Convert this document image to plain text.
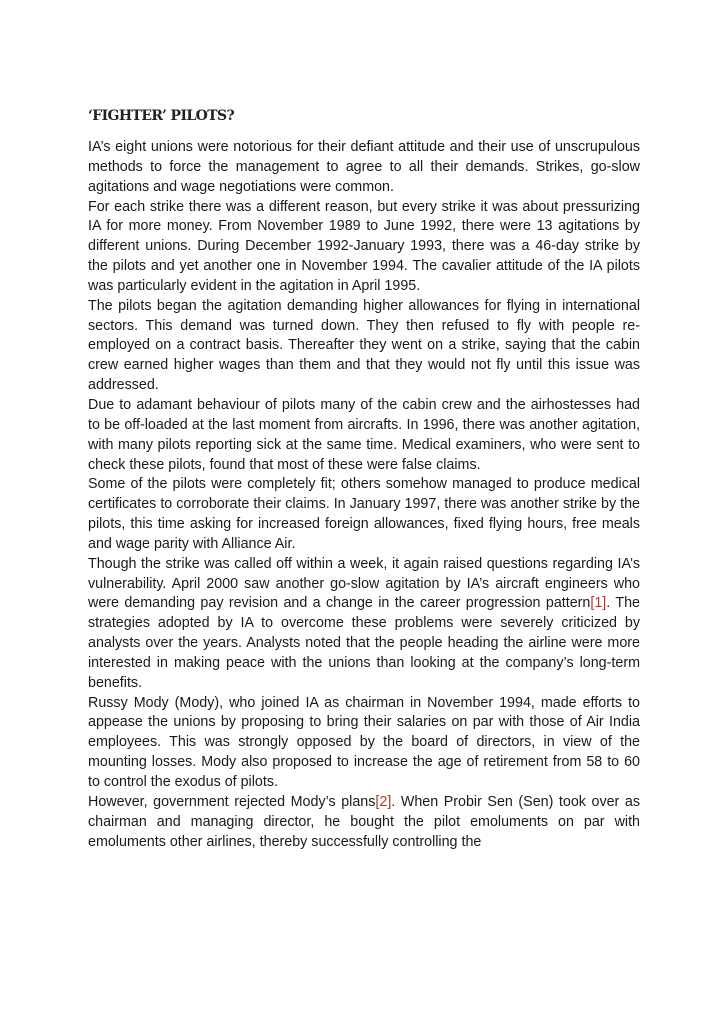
‘FIGHTER’ PILOTS?

IA’s eight unions were notorious for their defiant attitude and their use of unscrupulous methods to force the management to agree to all their demands. Strikes, go-slow agitations and wage negotiations were common.

For each strike there was a different reason, but every strike it was about pressurizing IA for more money. From November 1989 to June 1992, there were 13 agitations by different unions. During December 1992-January 1993, there was a 46-day strike by the pilots and yet another one in November 1994. The cavalier attitude of the IA pilots was particularly evident in the agitation in April 1995.

The pilots began the agitation demanding higher allowances for flying in international sectors. This demand was turned down. They then refused to fly with people re-employed on a contract basis. Thereafter they went on a strike, saying that the cabin crew earned higher wages than them and that they would not fly until this issue was addressed.

Due to adamant behaviour of pilots many of the cabin crew and the airhostesses had to be off-loaded at the last moment from aircrafts. In 1996, there was another agitation, with many pilots reporting sick at the same time. Medical examiners, who were sent to check these pilots, found that most of these were false claims.

Some of the pilots were completely fit; others somehow managed to produce medical certificates to corroborate their claims. In January 1997, there was another strike by the pilots, this time asking for increased foreign allowances, fixed flying hours, free meals and wage parity with Alliance Air.

Though the strike was called off within a week, it again raised questions regarding IA’s vulnerability. April 2000 saw another go-slow agitation by IA’s aircraft engineers who were demanding pay revision and a change in the career progression pattern[1]. The strategies adopted by IA to overcome these problems were severely criticized by analysts over the years. Analysts noted that the people heading the airline were more interested in making peace with the unions than looking at the company’s long-term benefits.

Russy Mody (Mody), who joined IA as chairman in November 1994, made efforts to appease the unions by proposing to bring their salaries on par with those of Air India employees. This was strongly opposed by the board of directors, in view of the mounting losses. Mody also proposed to increase the age of retirement from 58 to 60 to control the exodus of pilots.

However, government rejected Mody’s plans[2]. When Probir Sen (Sen) took over as chairman and managing director, he bought the pilot emoluments on par with emoluments other airlines, thereby successfully controlling the
